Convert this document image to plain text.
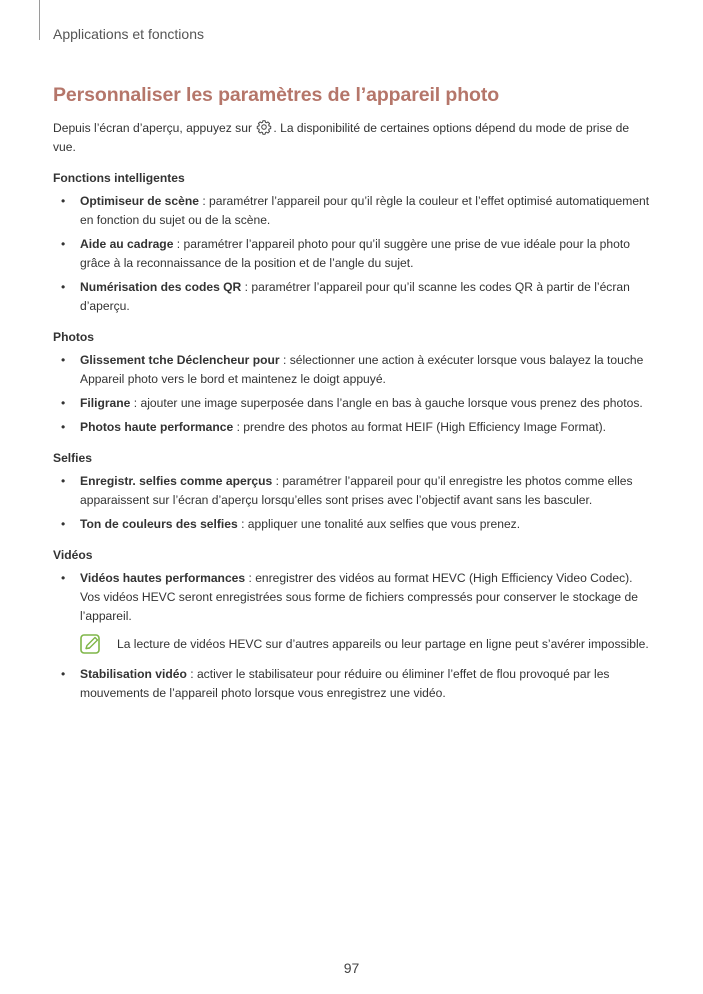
Applications et fonctions
Personnaliser les paramètres de l’appareil photo

Depuis l’écran d’aperçu, appuyez sur . La disponibilité de certaines options dépend du mode de prise de vue.

Fonctions intelligentes
• Optimiseur de scène : paramétrer l’appareil pour qu’il règle la couleur et l’effet optimisé automatiquement en fonction du sujet ou de la scène.
• Aide au cadrage : paramétrer l’appareil photo pour qu’il suggère une prise de vue idéale pour la photo grâce à la reconnaissance de la position et de l’angle du sujet.
• Numérisation des codes QR : paramétrer l’appareil pour qu’il scanne les codes QR à partir de l’écran d’aperçu.
Photos
• Glissement tche Déclencheur pour : sélectionner une action à exécuter lorsque vous balayez la touche Appareil photo vers le bord et maintenez le doigt appuyé.
• Filigrane : ajouter une image superposée dans l’angle en bas à gauche lorsque vous prenez des photos.
• Photos haute performance : prendre des photos au format HEIF (High Efficiency Image Format).
Selfies
• Enregistr. selfies comme aperçus : paramétrer l’appareil pour qu’il enregistre les photos comme elles apparaissent sur l’écran d’aperçu lorsqu’elles sont prises avec l’objectif avant sans les basculer.
• Ton de couleurs des selfies : appliquer une tonalité aux selfies que vous prenez.
Vidéos
• Vidéos hautes performances : enregistrer des vidéos au format HEVC (High Efficiency Video Codec). Vos vidéos HEVC seront enregistrées sous forme de fichiers compressés pour conserver le stockage de l’appareil.
La lecture de vidéos HEVC sur d’autres appareils ou leur partage en ligne peut s’avérer impossible.
• Stabilisation vidéo : activer le stabilisateur pour réduire ou éliminer l’effet de flou provoqué par les mouvements de l’appareil photo lorsque vous enregistrez une vidéo.
97
